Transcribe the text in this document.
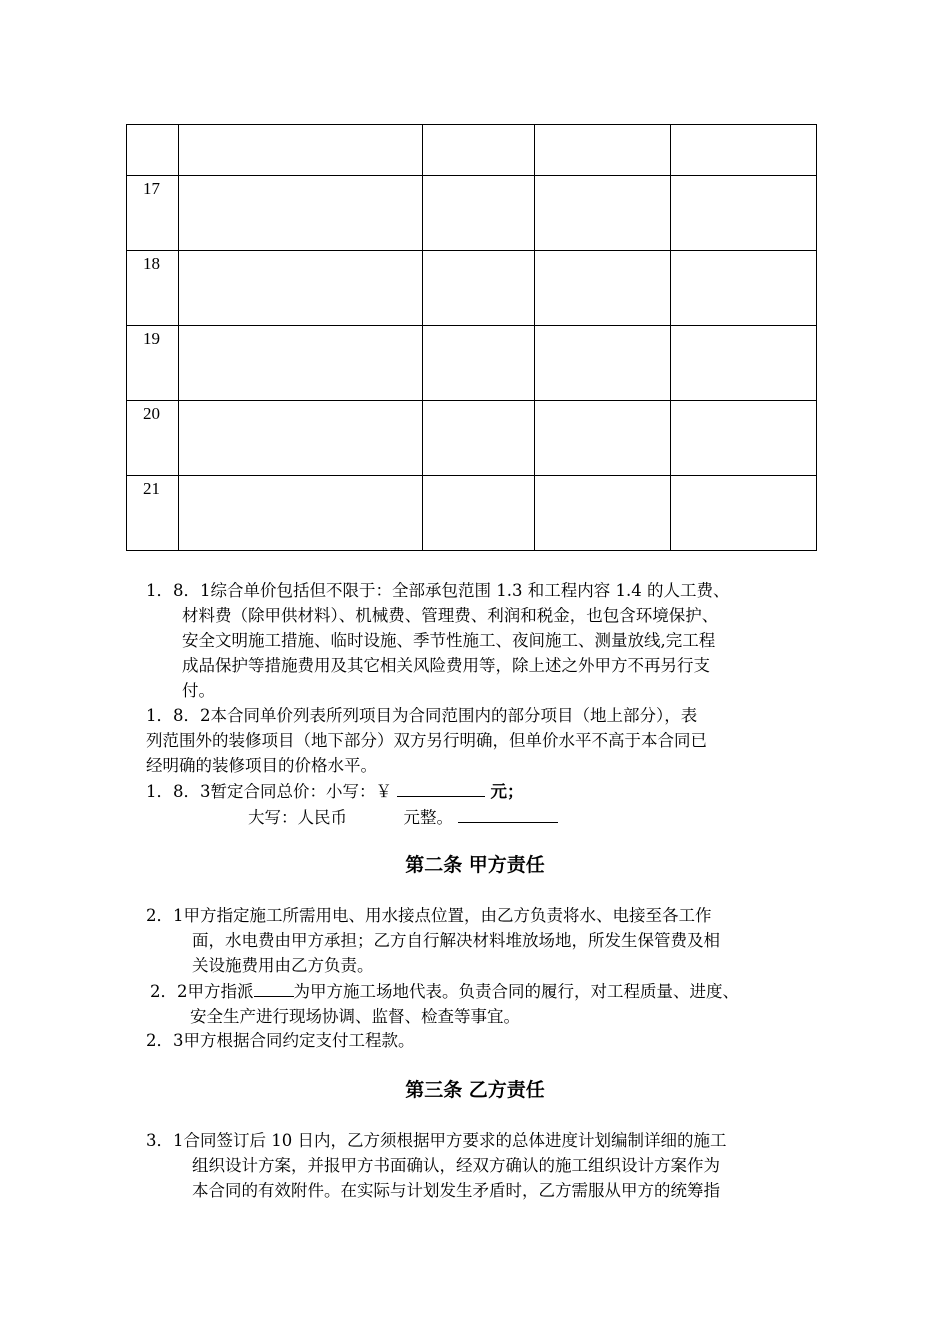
17				

18				

19				

20				

21				

1．8．1综合单价包括但不限于：全部承包范围 1.3 和工程内容 1.4 的人工费、
材料费（除甲供材料）、机械费、管理费、利润和税金，也包含环境保护、
安全文明施工措施、临时设施、季节性施工、夜间施工、测量放线,完工程
成品保护等措施费用及其它相关风险费用等，除上述之外甲方不再另行支
付。
1．8．2本合同单价列表所列项目为合同范围内的部分项目（地上部分），表
列范围外的装修项目（地下部分）双方另行明确，但单价水平不高于本合同已
经明确的装修项目的价格水平。
1．8．3暂定合同总价：小写：￥	元；
大写：人民币	元整。
第二条 甲方责任
2．1甲方指定施工所需用电、用水接点位置，由乙方负责将水、电接至各工作
面，水电费由甲方承担；乙方自行解决材料堆放场地，所发生保管费及相
关设施费用由乙方负责。
2．2甲方指派 为甲方施工场地代表。负责合同的履行，对工程质量、进度、
安全生产进行现场协调、监督、检查等事宜。
2．3甲方根据合同约定支付工程款。
第三条 乙方责任
3．1合同签订后 10 日内，乙方须根据甲方要求的总体进度计划编制详细的施工
组织设计方案，并报甲方书面确认，经双方确认的施工组织设计方案作为
本合同的有效附件。在实际与计划发生矛盾时，乙方需服从甲方的统筹指
